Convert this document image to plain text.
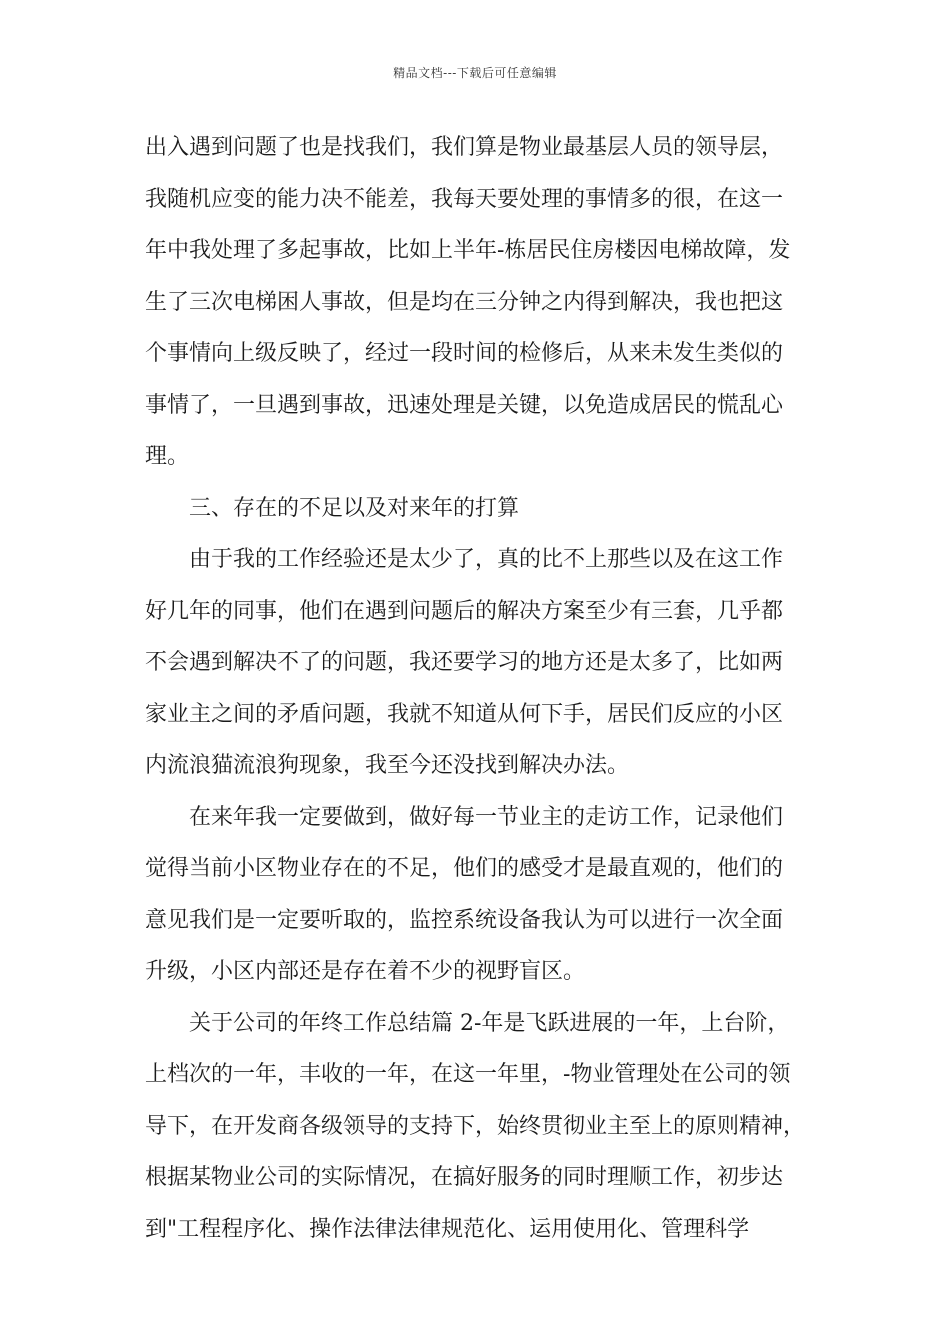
精品文档---下载后可任意编辑
出入遇到问题了也是找我们，我们算是物业最基层人员的领导层，
我随机应变的能力决不能差，我每天要处理的事情多的很，在这一
年中我处理了多起事故，比如上半年-栋居民住房楼因电梯故障，发
生了三次电梯困人事故，但是均在三分钟之内得到解决，我也把这
个事情向上级反映了，经过一段时间的检修后，从来未发生类似的
事情了，一旦遇到事故，迅速处理是关键，以免造成居民的慌乱心
理。
三、存在的不足以及对来年的打算
由于我的工作经验还是太少了，真的比不上那些以及在这工作
好几年的同事，他们在遇到问题后的解决方案至少有三套，几乎都
不会遇到解决不了的问题，我还要学习的地方还是太多了，比如两
家业主之间的矛盾问题，我就不知道从何下手，居民们反应的小区
内流浪猫流浪狗现象，我至今还没找到解决办法。
在来年我一定要做到，做好每一节业主的走访工作，记录他们
觉得当前小区物业存在的不足，他们的感受才是最直观的，他们的
意见我们是一定要听取的，监控系统设备我认为可以进行一次全面
升级，小区内部还是存在着不少的视野盲区。
关于公司的年终工作总结篇 2-年是飞跃进展的一年，上台阶，
上档次的一年，丰收的一年，在这一年里，-物业管理处在公司的领
导下，在开发商各级领导的支持下，始终贯彻业主至上的原则精神，
根据某物业公司的实际情况，在搞好服务的同时理顺工作，初步达
到"工程程序化、操作法律法律规范化、运用使用化、管理科学
